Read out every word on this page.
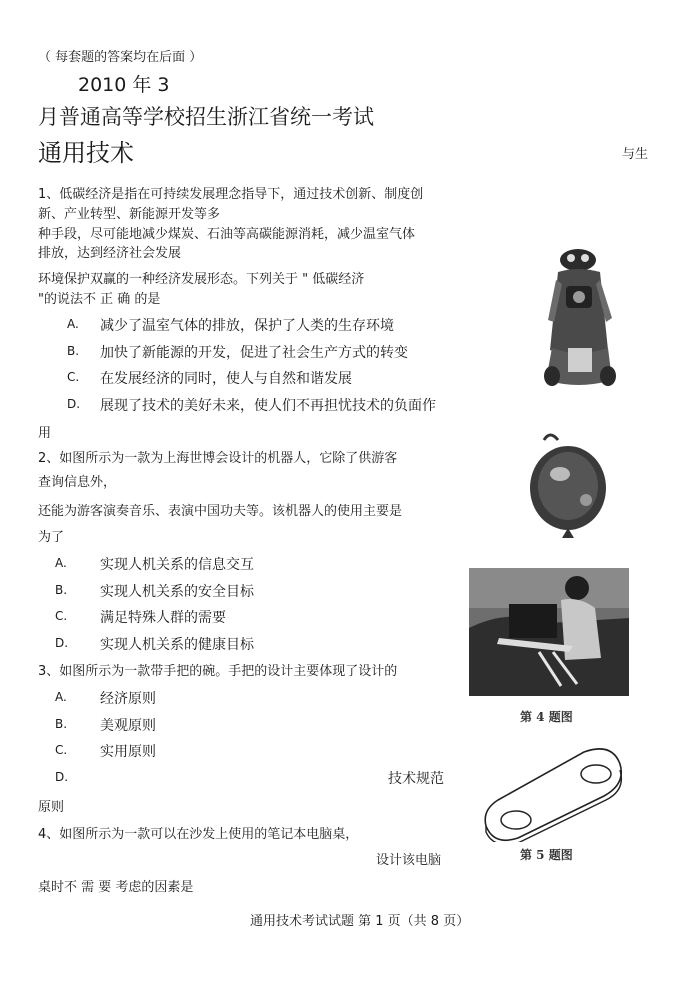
（ 每套题的答案均在后面 ）
2010 年 3
月普通高等学校招生浙江省统一考试
通用技术	与生
1、低碳经济是指在可持续发展理念指导下，通过技术创新、制度创
新、产业转型、新能源开发等多
种手段，尽可能地减少煤炭、石油等高碳能源消耗，减少温室气体
排放，达到经济社会发展
环境保护双赢的一种经济发展形态。下列关于 " 低碳经济
"的说法不 正 确 的是
A. 减少了温室气体的排放，保护了人类的生存环境
B. 加快了新能源的开发，促进了社会生产方式的转变
C. 在发展经济的同时，使人与自然和谐发展
D. 展现了技术的美好未来，使人们不再担忧技术的负面作
用
2、如图所示为一款为上海世博会设计的机器人，它除了供游客
查询信息外，
还能为游客演奏音乐、表演中国功夫等。该机器人的使用主要是
为了
A. 实现人机关系的信息交互
B. 实现人机关系的安全目标
C. 满足特殊人群的需要
D. 实现人机关系的健康目标
3、如图所示为一款带手把的碗。手把的设计主要体现了设计的
A. 经济原则
B. 美观原则
C. 实用原则
D.	技术规范
原则
4、如图所示为一款可以在沙发上使用的笔记本电脑桌，
设计该电脑
桌时不 需 要 考虑的因素是
第 4 题图
第 5 题图
通用技术考试试题 第 1 页（共 8 页）
